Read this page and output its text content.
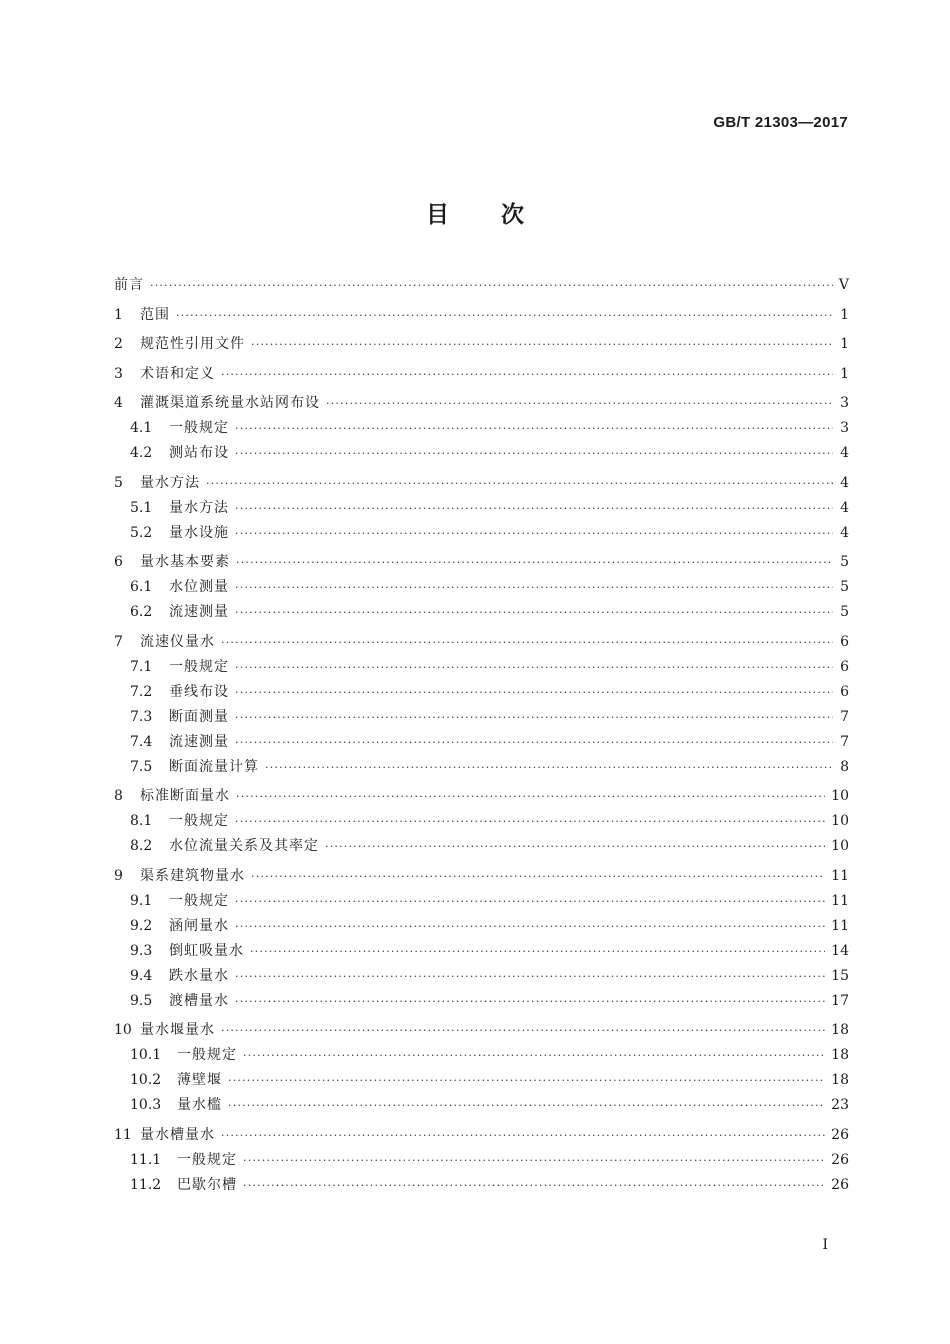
GB/T 21303—2017
目次
前言 ·····	V
1	范围 ·····	1
2	规范性引用文件 ·····	1
3	术语和定义 ·····	1
4	灌溉渠道系统量水站网布设 ·····	3
4.1	一般规定 ·····	3
4.2	测站布设 ·····	4
5	量水方法 ·····	4
5.1	量水方法 ·····	4
5.2	量水设施 ·····	4
6	量水基本要素 ·····	5
6.1	水位测量 ·····	5
6.2	流速测量 ·····	5
7	流速仪量水 ·····	6
7.1	一般规定 ·····	6
7.2	垂线布设 ·····	6
7.3	断面测量 ·····	7
7.4	流速测量 ·····	7
7.5	断面流量计算 ·····	8
8	标准断面量水 ·····	10
8.1	一般规定 ·····	10
8.2	水位流量关系及其率定 ·····	10
9	渠系建筑物量水 ·····	11
9.1	一般规定 ·····	11
9.2	涵闸量水 ·····	11
9.3	倒虹吸量水 ·····	14
9.4	跌水量水 ·····	15
9.5	渡槽量水 ·····	17
10 量水堰量水 ·····	18
10.1	一般规定 ·····	18
10.2	薄壁堰 ·····	18
10.3	量水槛 ·····	23
11 量水槽量水 ·····	26
11.1	一般规定 ·····	26
11.2	巴歇尔槽 ·····	26
I
